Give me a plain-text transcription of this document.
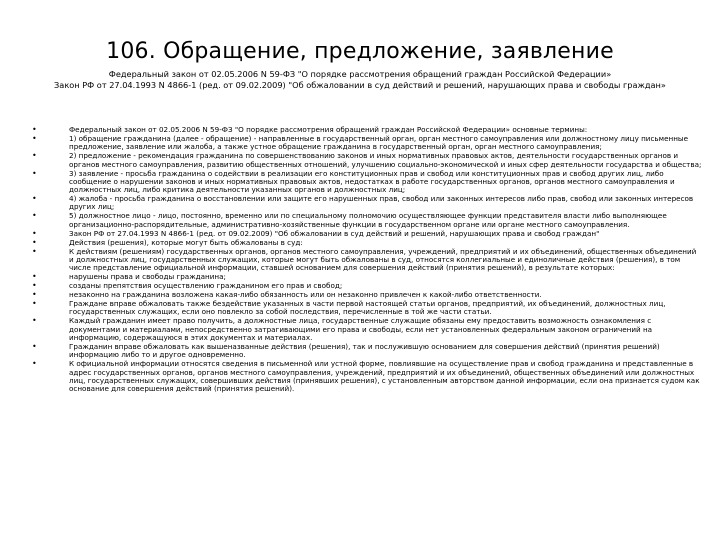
106. Обращение, предложение, заявление
Федеральный закон от 02.05.2006 N 59-ФЗ "О порядке рассмотрения обращений граждан Российской Федерации»
Закон РФ от 27.04.1993 N 4866-1 (ред. от 09.02.2009) "Об обжаловании в суд действий и решений, нарушающих права и свободы граждан»
•	Федеральный закон от 02.05.2006 N 59-ФЗ "О порядке рассмотрения обращений граждан Российской Федерации» основные термины:
•	1) обращение гражданина (далее - обращение) - направленные в государственный орган, орган местного самоуправления или должностному лицу письменные предложение, заявление или жалоба, а также устное обращение гражданина в государственный орган, орган местного самоуправления;
•	2) предложение - рекомендация гражданина по совершенствованию законов и иных нормативных правовых актов, деятельности государственных органов и органов местного самоуправления, развитию общественных отношений, улучшению социально-экономической и иных сфер деятельности государства и общества;
•	3) заявление - просьба гражданина о содействии в реализации его конституционных прав и свобод или конституционных прав и свобод других лиц, либо сообщение о нарушении законов и иных нормативных правовых актов, недостатках в работе государственных органов, органов местного самоуправления и должностных лиц, либо критика деятельности указанных органов и должностных лиц;
•	4) жалоба - просьба гражданина о восстановлении или защите его нарушенных прав, свобод или законных интересов либо прав, свобод или законных интересов других лиц;
•	5) должностное лицо - лицо, постоянно, временно или по специальному полномочию осуществляющее функции представителя власти либо выполняющее организационно-распорядительные, административно-хозяйственные функции в государственном органе или органе местного самоуправления.
•	Закон РФ от 27.04.1993 N 4866-1 (ред. от 09.02.2009) "Об обжаловании в суд действий и решений, нарушающих права и свобод граждан"
•	Действия (решения), которые могут быть обжалованы в суд:
•	К действиям (решениям) государственных органов, органов местного самоуправления, учреждений, предприятий и их объединений, общественных объединений и должностных лиц, государственных служащих, которые могут быть обжалованы в суд, относятся коллегиальные и единоличные действия (решения), в том числе представление официальной информации, ставшей основанием для совершения действий (принятия решений), в результате которых:
•	нарушены права и свободы гражданина;
•	созданы препятствия осуществлению гражданином его прав и свобод;
•	незаконно на гражданина возложена какая-либо обязанность или он незаконно привлечен к какой-либо ответственности.
•	Граждане вправе обжаловать также бездействие указанных в части первой настоящей статьи органов, предприятий, их объединений, должностных лиц, государственных служащих, если оно повлекло за собой последствия, перечисленные в той же части статьи.
•	Каждый гражданин имеет право получить, а должностные лица, государственные служащие обязаны ему предоставить возможность ознакомления с документами и материалами, непосредственно затрагивающими его права и свободы, если нет установленных федеральным законом ограничений на информацию, содержащуюся в этих документах и материалах.
•	Гражданин вправе обжаловать как вышеназванные действия (решения), так и послужившую основанием для совершения действий (принятия решений) информацию либо то и другое одновременно.
•	К официальной информации относятся сведения в письменной или устной форме, повлиявшие на осуществление прав и свобод гражданина и представленные в адрес государственных органов, органов местного самоуправления, учреждений, предприятий и их объединений, общественных объединений или должностных лиц, государственных служащих, совершивших действия (принявших решения), с установленным авторством данной информации, если она признается судом как основание для совершения действий (принятия решений).
